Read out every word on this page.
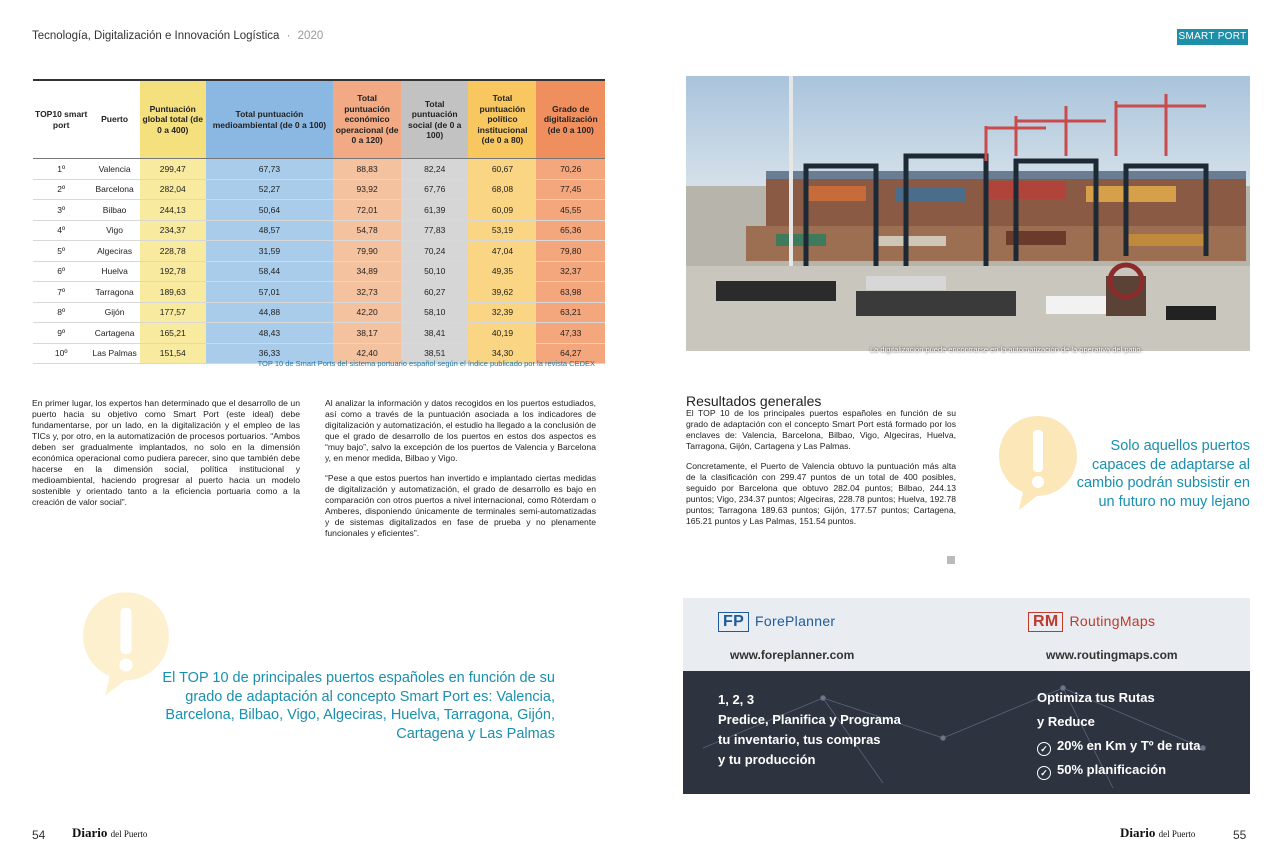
Tecnología, Digitalización e Innovación Logística · 2020	SMART PORT
TOP10 smart port	Puerto	Puntuación global total (de 0 a 400)	Total puntuación medioambiental (de 0 a 100)	Total puntuación económico operacional (de 0 a 120)	Total puntuación social (de 0 a 100)	Total puntuación político institucional (de 0 a 80)	Grado de digitalización (de 0 a 100)
1º	Valencia	299,47	67,73	88,83	82,24	60,67	70,26
2º	Barcelona	282,04	52,27	93,92	67,76	68,08	77,45
3º	Bilbao	244,13	50,64	72,01	61,39	60,09	45,55
4º	Vigo	234,37	48,57	54,78	77,83	53,19	65,36
5º	Algeciras	228,78	31,59	79,90	70,24	47,04	79,80
6º	Huelva	192,78	58,44	34,89	50,10	49,35	32,37
7º	Tarragona	189,63	57,01	32,73	60,27	39,62	63,98
8º	Gijón	177,57	44,88	42,20	58,10	32,39	63,21
9º	Cartagena	165,21	48,43	38,17	38,41	40,19	47,33
10º	Las Palmas	151,54	36,33	42,40	38,51	34,30	64,27
TOP 10 de Smart Ports del sistema portuario español según el índice publicado por la revista CEDEX
La digitalización puede encontrarse en la automatización de la operativa del patio.

En primer lugar, los expertos han determinado que el desarrollo de un puerto hacia su objetivo como Smart Port (este ideal) debe fundamentarse, por un lado, en la digitalización y el empleo de las TICs y, por otro, en la automatización de procesos portuarios. “Ambos deben ser gradualmente implantados, no solo en la dimensión económica operacional como pudiera parecer, sino que también debe hacerse en la dimensión social, política institucional y medioambiental, haciendo progresar al puerto hacia un modelo sostenible y orientado tanto a la eficiencia portuaria como a la creación de valor social”.

Al analizar la información y datos recogidos en los puertos estudiados, así como a través de la puntuación asociada a los indicadores de digitalización y automatización, el estudio ha llegado a la conclusión de que el grado de desarrollo de los puertos en estos dos aspectos es “muy bajo”, salvo la excepción de los puertos de Valencia y Barcelona y, en menor medida, Bilbao y Vigo.

“Pese a que estos puertos han invertido e implantado ciertas medidas de digitalización y automatización, el grado de desarrollo es bajo en comparación con otros puertos a nivel internacional, como Róterdam o Amberes, disponiendo únicamente de terminales semi-automatizadas y de sistemas digitalizados en fase de prueba y no plenamente funcionales y eficientes”.

Resultados generales

El TOP 10 de los principales puertos españoles en función de su grado de adaptación con el concepto Smart Port está formado por los enclaves de: Valencia, Barcelona, Bilbao, Vigo, Algeciras, Huelva, Tarragona, Gijón, Cartagena y Las Palmas.

Concretamente, el Puerto de Valencia obtuvo la puntuación más alta de la clasificación con 299.47 puntos de un total de 400 posibles, seguido por Barcelona que obtuvo 282.04 puntos; Bilbao, 244.13 puntos; Vigo, 234.37 puntos; Algeciras, 228.78 puntos; Huelva, 192.78 puntos; Tarragona 189.63 puntos; Gijón, 177.57 puntos; Cartagena, 165.21 puntos y Las Palmas, 151.54 puntos.

Solo aquellos puertos capaces de adaptarse al cambio podrán subsistir en un futuro no muy lejano
El TOP 10 de principales puertos españoles en función de su grado de adaptación al concepto Smart Port es: Valencia, Barcelona, Bilbao, Vigo, Algeciras, Huelva, Tarragona, Gijón, Cartagena y Las Palmas
FP ForePlanner
www.foreplanner.com
RM RoutingMaps
www.routingmaps.com
1, 2, 3
Predice, Planifica y Programa
tu inventario, tus compras
y tu producción
Optimiza tus Rutas
y Reduce
✓ 20% en Km y Tº de ruta
✓ 50% planificación
54 Diario del Puerto	Diario del Puerto	55
